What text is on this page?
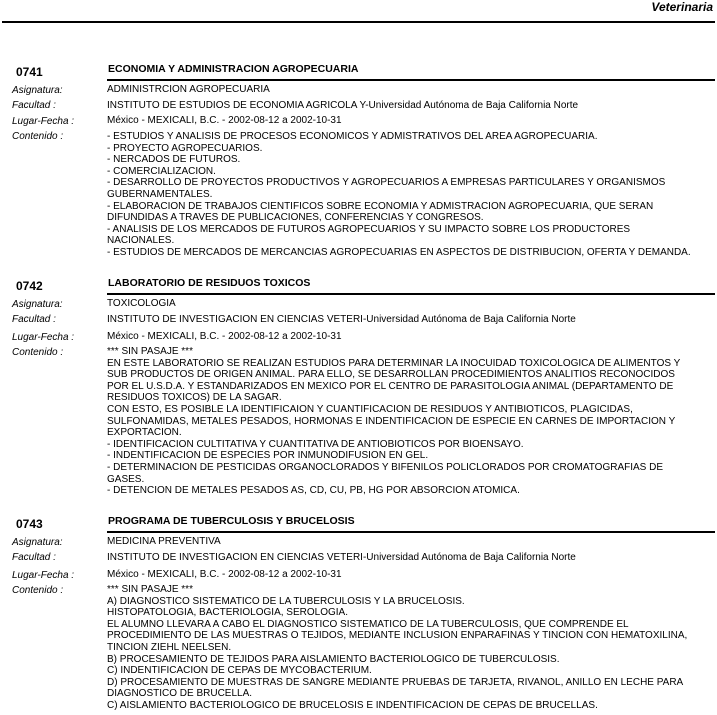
Veterinaria
0741	ECONOMIA Y ADMINISTRACION AGROPECUARIA
Asignatura:	ADMINISTRCION AGROPECUARIA
Facultad :	INSTITUTO DE ESTUDIOS DE ECONOMIA AGRICOLA Y-Universidad Autónoma de Baja California Norte
Lugar-Fecha :	México - MEXICALI, B.C. - 2002-08-12 a 2002-10-31
Contenido :	- ESTUDIOS Y ANALISIS DE PROCESOS ECONOMICOS Y ADMISTRATIVOS DEL AREA AGROPECUARIA.
- PROYECTO AGROPECUARIOS.
- NERCADOS DE FUTUROS.
- COMERCIALIZACION.
- DESARROLLO DE PROYECTOS PRODUCTIVOS Y AGROPECUARIOS A EMPRESAS PARTICULARES Y ORGANISMOS
GUBERNAMENTALES.
- ELABORACION DE TRABAJOS CIENTIFICOS SOBRE ECONOMIA Y ADMISTRACION AGROPECUARIA, QUE SERAN
DIFUNDIDAS A TRAVES DE PUBLICACIONES, CONFERENCIAS Y CONGRESOS.
- ANALISIS DE LOS MERCADOS DE FUTUROS AGROPECUARIOS Y SU IMPACTO SOBRE LOS PRODUCTORES
NACIONALES.
- ESTUDIOS DE MERCADOS DE MERCANCIAS AGROPECUARIAS EN ASPECTOS DE DISTRIBUCION, OFERTA Y DEMANDA.
0742	LABORATORIO DE RESIDUOS TOXICOS
Asignatura:	TOXICOLOGIA
Facultad :	INSTITUTO DE INVESTIGACION EN CIENCIAS VETERI-Universidad Autónoma de Baja California Norte
Lugar-Fecha :	México - MEXICALI, B.C. - 2002-08-12 a 2002-10-31
Contenido :	*** SIN PASAJE ***
EN ESTE LABORATORIO SE REALIZAN ESTUDIOS PARA DETERMINAR LA INOCUIDAD TOXICOLOGICA DE ALIMENTOS Y
SUB PRODUCTOS DE ORIGEN ANIMAL. PARA ELLO, SE DESARROLLAN PROCEDIMIENTOS ANALITIOS RECONOCIDOS
POR EL U.S.D.A. Y ESTANDARIZADOS EN MEXICO POR EL CENTRO DE PARASITOLOGIA ANIMAL (DEPARTAMENTO DE
RESIDUOS TOXICOS) DE LA SAGAR.
CON ESTO, ES POSIBLE LA IDENTIFICAION Y CUANTIFICACION DE RESIDUOS Y ANTIBIOTICOS, PLAGICIDAS,
SULFONAMIDAS, METALES PESADOS, HORMONAS E INDENTIFICACION DE ESPECIE EN CARNES DE IMPORTACION Y
EXPORTACION.
- IDENTIFICACION CULTITATIVA Y CUANTITATIVA DE ANTIOBIOTICOS POR BIOENSAYO.
- INDENTIFICACION DE ESPECIES POR INMUNODIFUSION EN GEL.
- DETERMINACION DE PESTICIDAS ORGANOCLORADOS Y BIFENILOS POLICLORADOS POR CROMATOGRAFIAS DE
GASES.
- DETENCION DE METALES PESADOS AS, CD, CU, PB, HG POR ABSORCION ATOMICA.
0743	PROGRAMA DE TUBERCULOSIS Y BRUCELOSIS
Asignatura:	MEDICINA PREVENTIVA
Facultad :	INSTITUTO DE INVESTIGACION EN CIENCIAS VETERI-Universidad Autónoma de Baja California Norte
Lugar-Fecha :	México - MEXICALI, B.C. - 2002-08-12 a 2002-10-31
Contenido :	*** SIN PASAJE ***
A) DIAGNOSTICO SISTEMATICO DE LA TUBERCULOSIS Y LA BRUCELOSIS.
HISTOPATOLOGIA, BACTERIOLOGIA, SEROLOGIA.
EL ALUMNO LLEVARA A CABO EL DIAGNOSTICO SISTEMATICO DE LA TUBERCULOSIS, QUE COMPRENDE EL
PROCEDIMIENTO DE LAS MUESTRAS O TEJIDOS, MEDIANTE INCLUSION ENPARAFINAS Y TINCION CON HEMATOXILINA,
TINCION ZIEHL NEELSEN.
B) PROCESAMIENTO DE TEJIDOS PARA AISLAMIENTO BACTERIOLOGICO DE TUBERCULOSIS.
C) INDENTIFICACION DE CEPAS DE MYCOBACTERIUM.
D) PROCESAMIENTO DE MUESTRAS DE SANGRE MEDIANTE PRUEBAS DE TARJETA, RIVANOL, ANILLO EN LECHE PARA
DIAGNOSTICO DE BRUCELLA.
C) AISLAMIENTO BACTERIOLOGICO DE BRUCELOSIS E INDENTIFICACION DE CEPAS DE BRUCELLAS.
